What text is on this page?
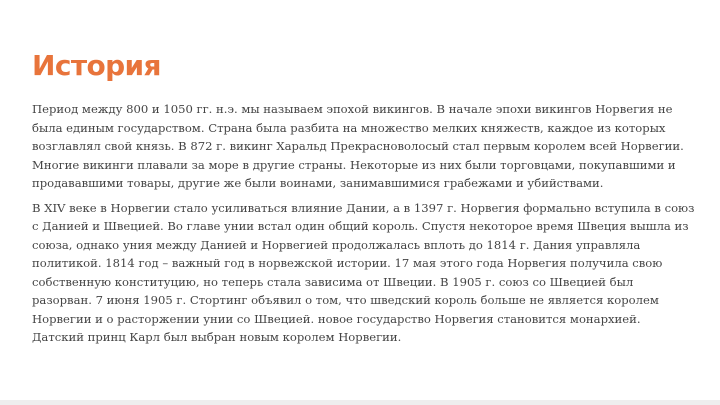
История

Период между 800 и 1050 гг. н.э. мы называем эпохой викингов. В начале эпохи викингов Норвегия не была единым государством. Страна была разбита на множество мелких княжеств, каждое из которых возглавлял свой князь. В 872 г. викинг Харальд Прекрасноволосый стал первым королем всей Норвегии. Многие викинги плавали за море в другие страны. Некоторые из них были торговцами, покупавшими и продававшими товары, другие же были воинами, занимавшимися грабежами и убийствами.

В XIV веке в Норвегии стало усиливаться влияние Дании, а в 1397 г. Норвегия формально вступила в союз с Данией и Швецией. Во главе унии встал один общий король. Спустя некоторое время Швеция вышла из союза, однако уния между Данией и Норвегией продолжалась вплоть до 1814 г. Дания управляла политикой. 1814 год – важный год в норвежской истории. 17 мая этого года Норвегия получила свою собственную конституцию, но теперь стала зависима от Швеции. В 1905 г. союз со Швецией был разорван. 7 июня 1905 г. Стортинг объявил о том, что шведский король больше не является королем Норвегии и о расторжении унии со Швецией. новое государство Норвегия становится монархией. Датский принц Карл был выбран новым королем Норвегии.
